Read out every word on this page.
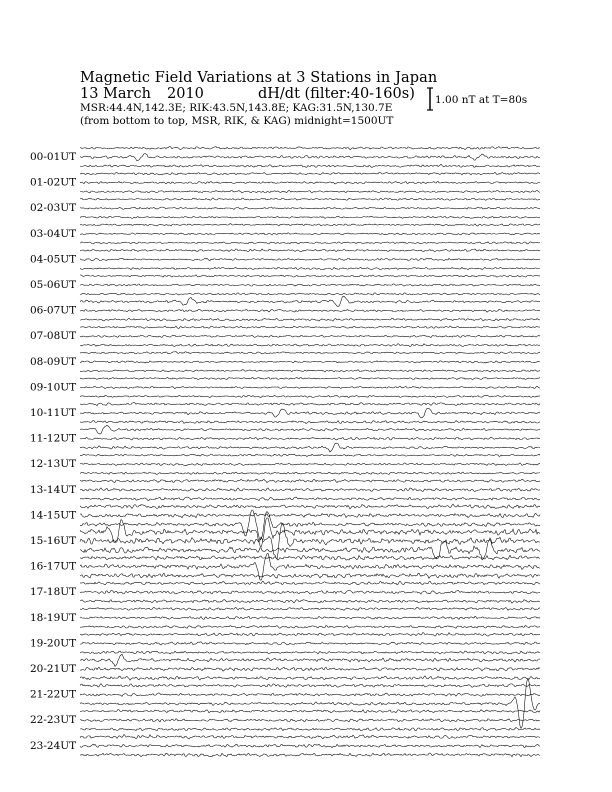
Magnetic Field Variations at 3 Stations in Japan
13 March 2010	dH/dt (filter:40-160s)
MSR:44.4N,142.3E; RIK:43.5N,143.8E; KAG:31.5N,130.7E
(from bottom to top, MSR, RIK, & KAG) midnight=1500UT
1.00 nT at T=80s
00-01UT
01-02UT
02-03UT
03-04UT
04-05UT
05-06UT
06-07UT
07-08UT
08-09UT
09-10UT
10-11UT
11-12UT
12-13UT
13-14UT
14-15UT
15-16UT
16-17UT
17-18UT
18-19UT
19-20UT
20-21UT
21-22UT
22-23UT
23-24UT
